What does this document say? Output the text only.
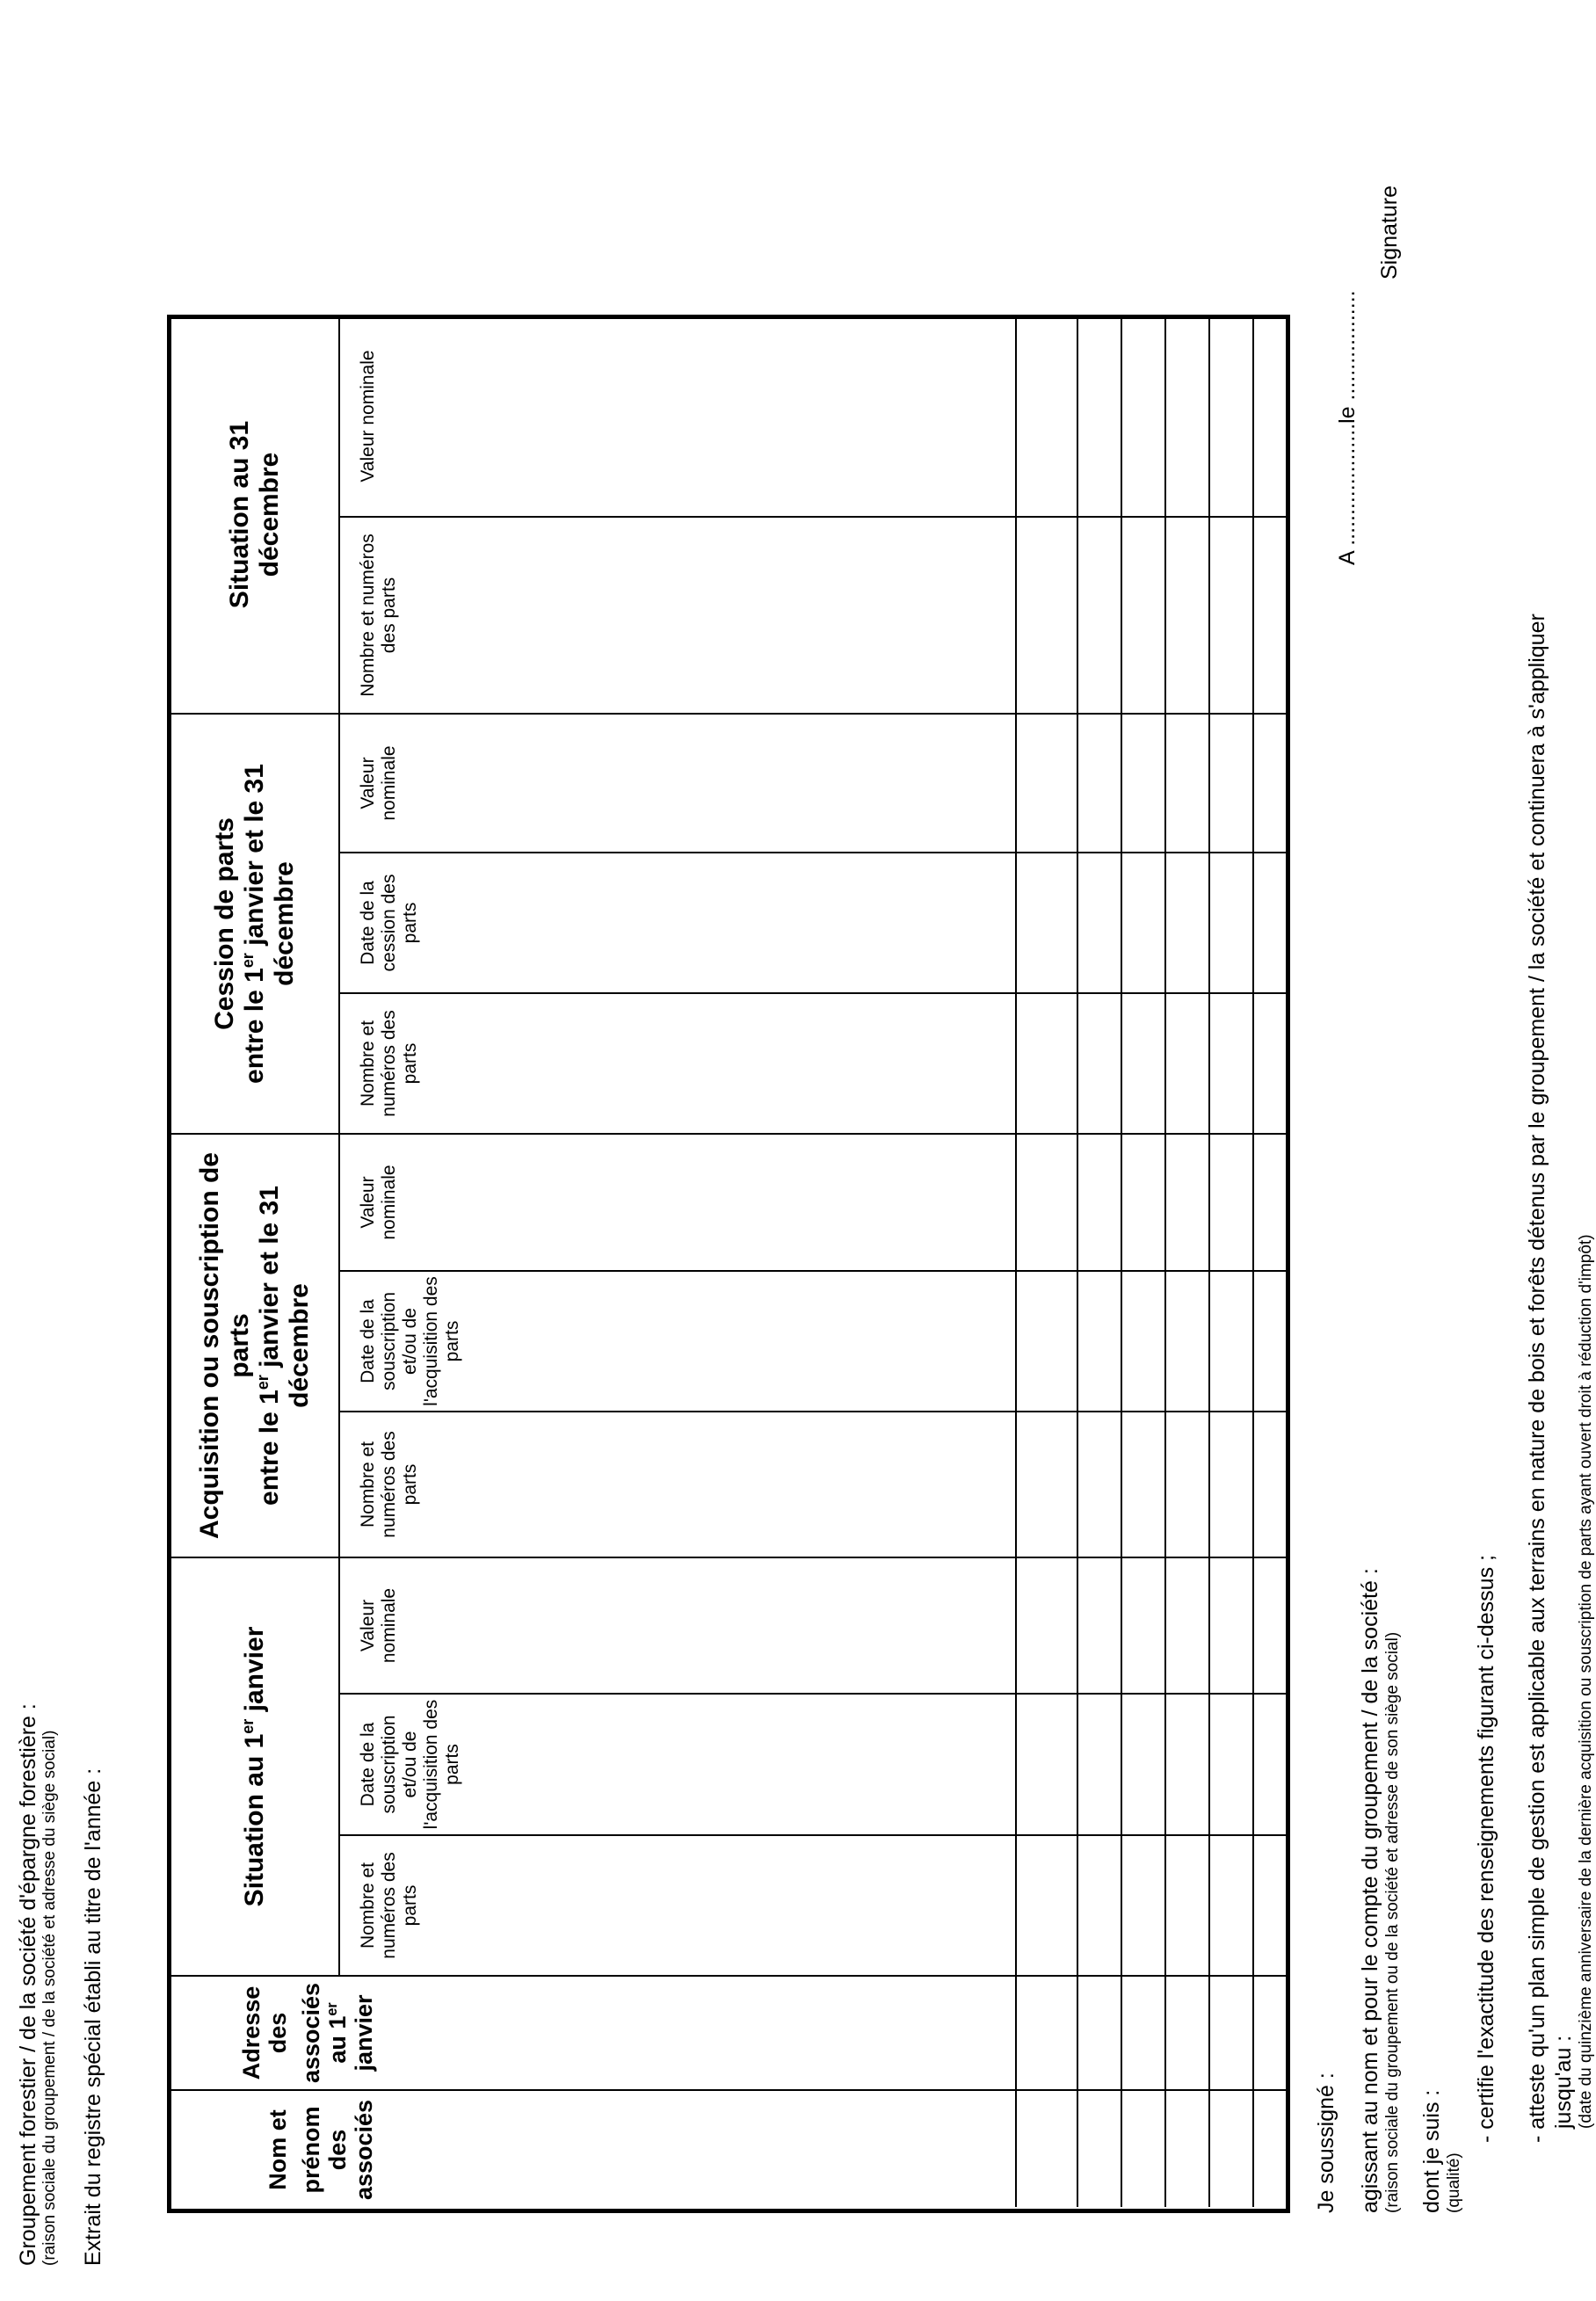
Groupement forestier / de la société d'épargne forestière : (raison sociale du groupement / de la société et adresse du siège social) Extrait du registre spécial établi au titre de l'année :	Nom et prénom des associés
Adresse des associés au 1er janvier
Situation au 1er janvier
Acquisition ou souscription de parts
entre le 1er janvier et le 31 décembre
Cession de parts entre le 1er janvier et le 31 décembre
Situation au 31 décembre
Nombre et numéros des parts
Date de la souscription et/ou de l'acquisition des parts
Valeur nominale
Nombre et numéros des parts
Date de la souscription et/ou de l'acquisition des parts
Valeur nominale
Nombre et numéros des parts
Date de la cession des parts
Valeur nominale
Nombre et numéros des parts
Valeur nominale
Je soussigné : agissant au nom et pour le compte du groupement / de la société : (raison sociale du groupement ou de la société et adresse de son siège social) dont je suis : (qualité)
- certifie l'exactitude des renseignements figurant ci-dessus ; - atteste qu'un plan simple de gestion est applicable aux terrains en nature de bois et forêts détenus par le groupement / la société et continuera à s'appliquer jusqu'au : (date du quinzième anniversaire de la dernière acquisition ou souscription de parts ayant ouvert droit à réduction d'impôt)
A ....................le ..................
Signature
